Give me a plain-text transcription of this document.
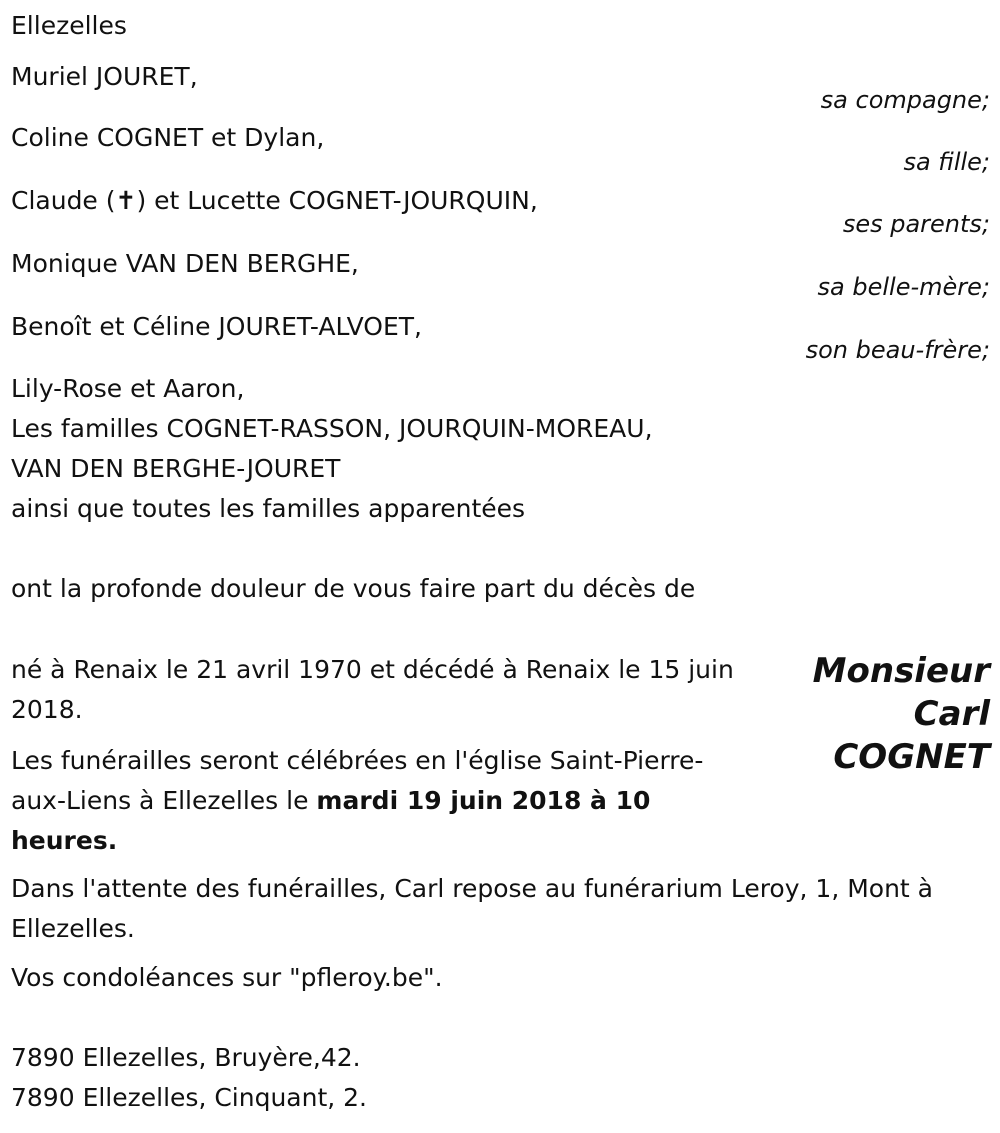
Ellezelles
Muriel JOURET,
sa compagne;
Coline COGNET et Dylan,
sa fille;
Claude (✝) et Lucette COGNET-JOURQUIN,
ses parents;
Monique VAN DEN BERGHE,
sa belle-mère;
Benoît et Céline JOURET-ALVOET,
son beau-frère;
Lily-Rose et Aaron,
Les familles COGNET-RASSON, JOURQUIN-MOREAU,
VAN DEN BERGHE-JOURET
ainsi que toutes les familles apparentées
ont la profonde douleur de vous faire part du décès de
Monsieur
Carl
COGNET
né à Renaix le 21 avril 1970 et décédé à Renaix le 15 juin 2018.
Les funérailles seront célébrées en l'église Saint-Pierre-aux-Liens à Ellezelles le mardi 19 juin 2018 à 10 heures.
Dans l'attente des funérailles, Carl repose au funérarium Leroy, 1, Mont à Ellezelles.
Vos condoléances sur "pfleroy.be".
7890 Ellezelles, Bruyère,42.
7890 Ellezelles, Cinquant, 2.
